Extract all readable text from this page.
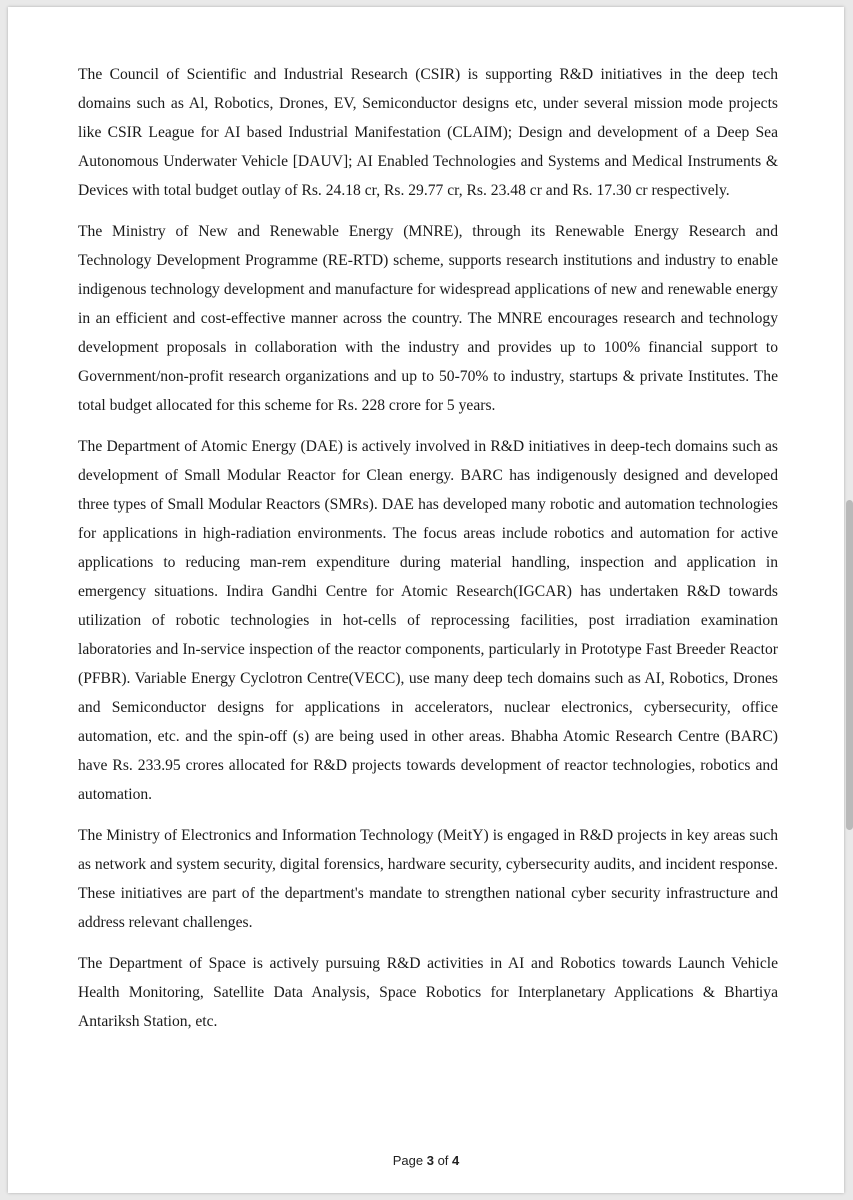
The Council of Scientific and Industrial Research (CSIR) is supporting R&D initiatives in the deep tech domains such as Al, Robotics, Drones, EV, Semiconductor designs etc, under several mission mode projects like CSIR League for AI based Industrial Manifestation (CLAIM); Design and development of a Deep Sea Autonomous Underwater Vehicle [DAUV]; AI Enabled Technologies and Systems and Medical Instruments & Devices with total budget outlay of Rs. 24.18 cr, Rs. 29.77 cr, Rs. 23.48 cr and Rs. 17.30 cr respectively.

The Ministry of New and Renewable Energy (MNRE), through its Renewable Energy Research and Technology Development Programme (RE-RTD) scheme, supports research institutions and industry to enable indigenous technology development and manufacture for widespread applications of new and renewable energy in an efficient and cost-effective manner across the country. The MNRE encourages research and technology development proposals in collaboration with the industry and provides up to 100% financial support to Government/non-profit research organizations and up to 50-70% to industry, startups & private Institutes. The total budget allocated for this scheme for Rs. 228 crore for 5 years.

The Department of Atomic Energy (DAE) is actively involved in R&D initiatives in deep-tech domains such as development of Small Modular Reactor for Clean energy. BARC has indigenously designed and developed three types of Small Modular Reactors (SMRs). DAE has developed many robotic and automation technologies for applications in high-radiation environments. The focus areas include robotics and automation for active applications to reducing man-rem expenditure during material handling, inspection and application in emergency situations. Indira Gandhi Centre for Atomic Research(IGCAR) has undertaken R&D towards utilization of robotic technologies in hot-cells of reprocessing facilities, post irradiation examination laboratories and In-service inspection of the reactor components, particularly in Prototype Fast Breeder Reactor (PFBR). Variable Energy Cyclotron Centre(VECC), use many deep tech domains such as AI, Robotics, Drones and Semiconductor designs for applications in accelerators, nuclear electronics, cybersecurity, office automation, etc. and the spin-off (s) are being used in other areas. Bhabha Atomic Research Centre (BARC) have Rs. 233.95 crores allocated for R&D projects towards development of reactor technologies, robotics and automation.

The Ministry of Electronics and Information Technology (MeitY) is engaged in R&D projects in key areas such as network and system security, digital forensics, hardware security, cybersecurity audits, and incident response. These initiatives are part of the department's mandate to strengthen national cyber security infrastructure and address relevant challenges.

The Department of Space is actively pursuing R&D activities in AI and Robotics towards Launch Vehicle Health Monitoring, Satellite Data Analysis, Space Robotics for Interplanetary Applications & Bhartiya Antariksh Station, etc.

Page 3 of 4
